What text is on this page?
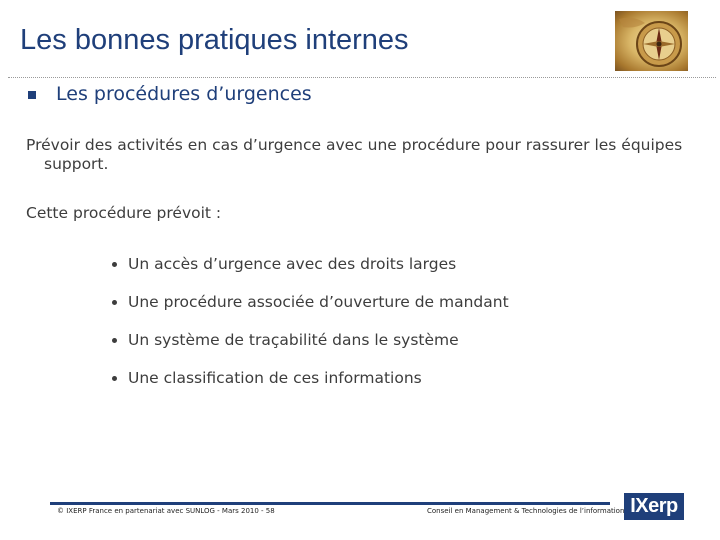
Les bonnes pratiques internes
Les procédures d’urgences
Prévoir des activités en cas d’urgence avec une procédure pour rassurer les équipes support.
Cette procédure prévoit :
Un accès d’urgence avec des droits larges
Une procédure associée d’ouverture de mandant
Un système de traçabilité dans le système
Une classification de ces informations
© IXERP France en partenariat avec SUNLOG - Mars 2010 - 58	Conseil en Management & Technologies de l’information IXerp
